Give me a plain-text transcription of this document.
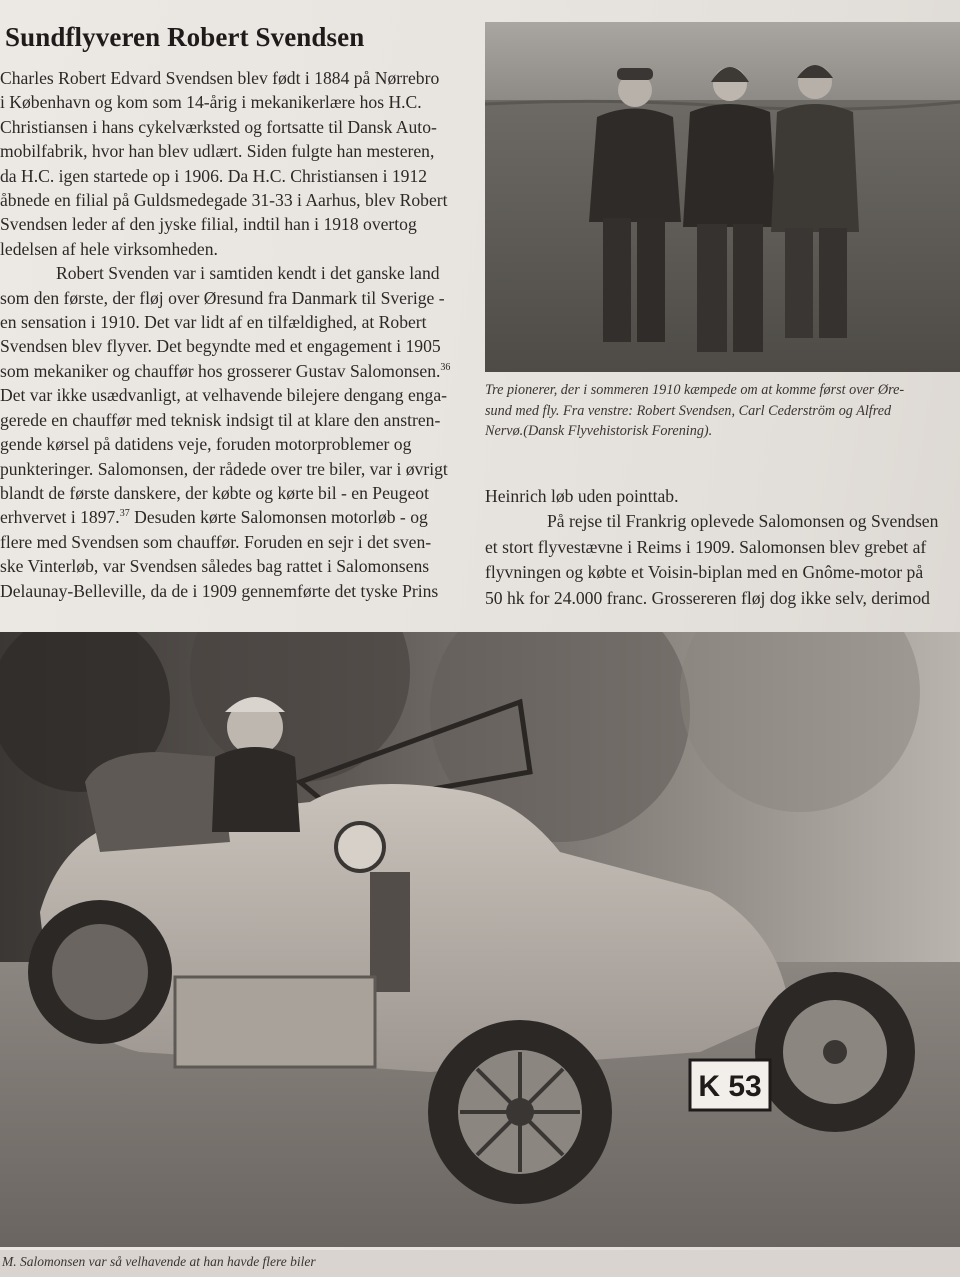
Sundflyveren Robert Svendsen

Charles Robert Edvard Svendsen blev født i 1884 på Nørrebro
i København og kom som 14-årig i mekanikerlære hos H.C.
Christiansen i hans cykelværksted og fortsatte til Dansk Auto-
mobilfabrik, hvor han blev udlært. Siden fulgte han mesteren,
da H.C. igen startede op i 1906. Da H.C. Christiansen i 1912
åbnede en filial på Guldsmedegade 31-33 i Aarhus, blev Robert
Svendsen leder af den jyske filial, indtil han i 1918 overtog
ledelsen af hele virksomheden.

Robert Svenden var i samtiden kendt i det ganske land
som den første, der fløj over Øresund fra Danmark til Sverige -
en sensation i 1910. Det var lidt af en tilfældighed, at Robert
Svendsen blev flyver. Det begyndte med et engagement i 1905
som mekaniker og chauffør hos grosserer Gustav Salomonsen.$^{36}$
Det var ikke usædvanligt, at velhavende bilejere dengang enga-
gerede en chauffør med teknisk indsigt til at klare den anstren-
gende kørsel på datidens veje, foruden motorproblemer og
punkteringer. Salomonsen, der rådede over tre biler, var i øvrigt
blandt de første danskere, der købte og kørte bil - en Peugeot
erhvervet i 1897.37 Desuden kørte Salomonsen motorløb - og
flere med Svendsen som chauffør. Foruden en sejr i det sven-
ske Vinterløb, var Svendsen således bag rattet i Salomonsens
Delaunay-Belleville, da de i 1909 gennemførte det tyske Prins

Tre pionerer, der i sommeren 1910 kæmpede om at komme først over Øre-
sund med fly. Fra venstre: Robert Svendsen, Carl Cederström og Alfred
Nervø.(Dansk Flyvehistorisk Forening).
Heinrich løb uden pointtab.
På rejse til Frankrig oplevede Salomonsen og Svendsen
et stort flyvestævne i Reims i 1909. Salomonsen blev grebet af
flyvningen og købte et Voisin-biplan med en Gnôme-motor på
50 hk for 24.000 franc. Grossereren fløj dog ikke selv, derimod
K 53
M. Salomonsen var så velhavende at han havde flere biler
